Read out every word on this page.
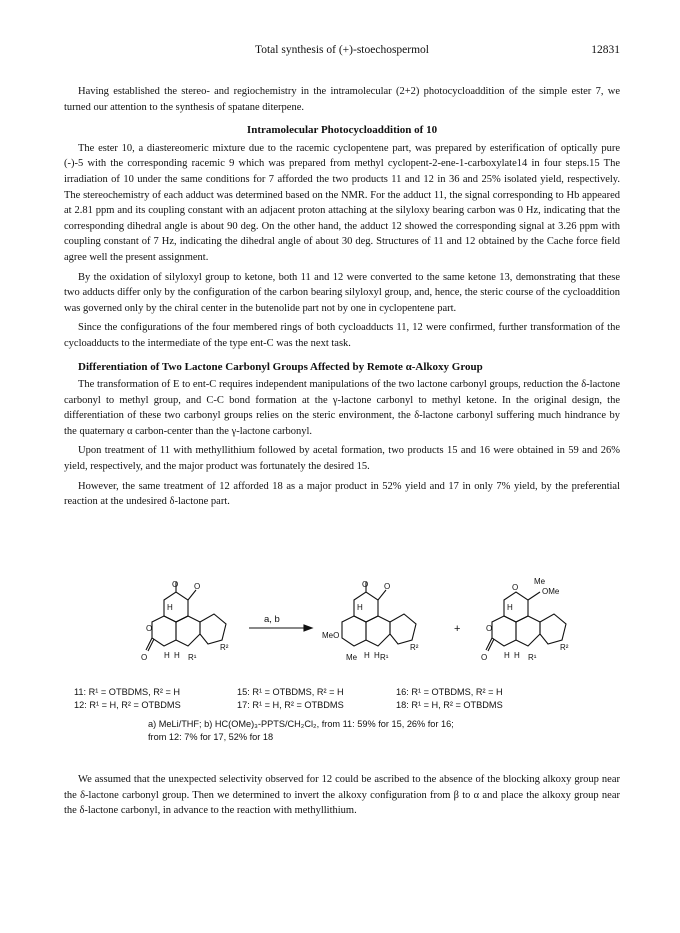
Total synthesis of (+)-stoechospermol	12831

Having established the stereo- and regiochemistry in the intramolecular (2+2) photocycloaddition of the simple ester 7, we turned our attention to the synthesis of spatane diterpene.

Intramolecular Photocycloaddition of 10

The ester 10, a diastereomeric mixture due to the racemic cyclopentene part, was prepared by esterification of optically pure (-)-5 with the corresponding racemic 9 which was prepared from methyl cyclopent-2-ene-1-carboxylate14 in four steps.15 The irradiation of 10 under the same conditions for 7 afforded the two products 11 and 12 in 36 and 25% isolated yield, respectively. The stereochemistry of each adduct was determined based on the NMR. For the adduct 11, the signal corresponding to Hb appeared at 2.81 ppm and its coupling constant with an adjacent proton attaching at the silyloxy bearing carbon was 0 Hz, indicating that the corresponding dihedral angle is about 90 deg. On the other hand, the adduct 12 showed the corresponding signal at 3.26 ppm with coupling constant of 7 Hz, indicating the dihedral angle of about 30 deg. Structures of 11 and 12 obtained by the Cache force field agree well the present assignment.

By the oxidation of silyloxyl group to ketone, both 11 and 12 were converted to the same ketone 13, demonstrating that these two adducts differ only by the configuration of the carbon bearing silyloxyl group, and, hence, the steric course of the cycloaddition was governed only by the chiral center in the butenolide part not by one in cyclopentene part.

Since the configurations of the four membered rings of both cycloadducts 11, 12 were confirmed, further transformation of the cycloadducts to the intermediate of the type ent-C was the next task.

Differentiation of Two Lactone Carbonyl Groups Affected by Remote α-Alkoxy Group

The transformation of E to ent-C requires independent manipulations of the two lactone carbonyl groups, reduction the δ-lactone carbonyl to methyl group, and C-C bond formation at the γ-lactone carbonyl to methyl ketone. In the original design, the differentiation of these two carbonyl groups relies on the steric environment, the δ-lactone carbonyl suffering much hindrance by the quaternary α carbon-center than the γ-lactone carbonyl.

Upon treatment of 11 with methyllithium followed by acetal formation, two products 15 and 16 were obtained in 59 and 26% yield, respectively, and the major product was fortunately the desired 15.

However, the same treatment of 12 afforded 18 as a major product in 52% yield and 17 in only 7% yield, by the preferential reaction at the undesired δ-lactone part.

O O
H
O
O H H R¹
R²
O O
H
MeO
Me H H R¹
R²
+
O
Me
OMe
H
O
O H H R¹
R²
a, b
11: R¹ = OTBDMS, R² = H	15: R¹ = OTBDMS, R² = H	16: R¹ = OTBDMS, R² = H
12: R¹ = H, R² = OTBDMS	17: R¹ = H, R² = OTBDMS	18: R¹ = H, R² = OTBDMS
a) MeLi/THF; b) HC(OMe)₃-PPTS/CH₂Cl₂, from 11: 59% for 15, 26% for 16;
from 12: 7% for 17, 52% for 18

We assumed that the unexpected selectivity observed for 12 could be ascribed to the absence of the blocking alkoxy group near the δ-lactone carbonyl group. Then we determined to invert the alkoxy configuration from β to α and place the alkoxy group near the δ-lactone carbonyl, in advance to the reaction with methyllithium.
